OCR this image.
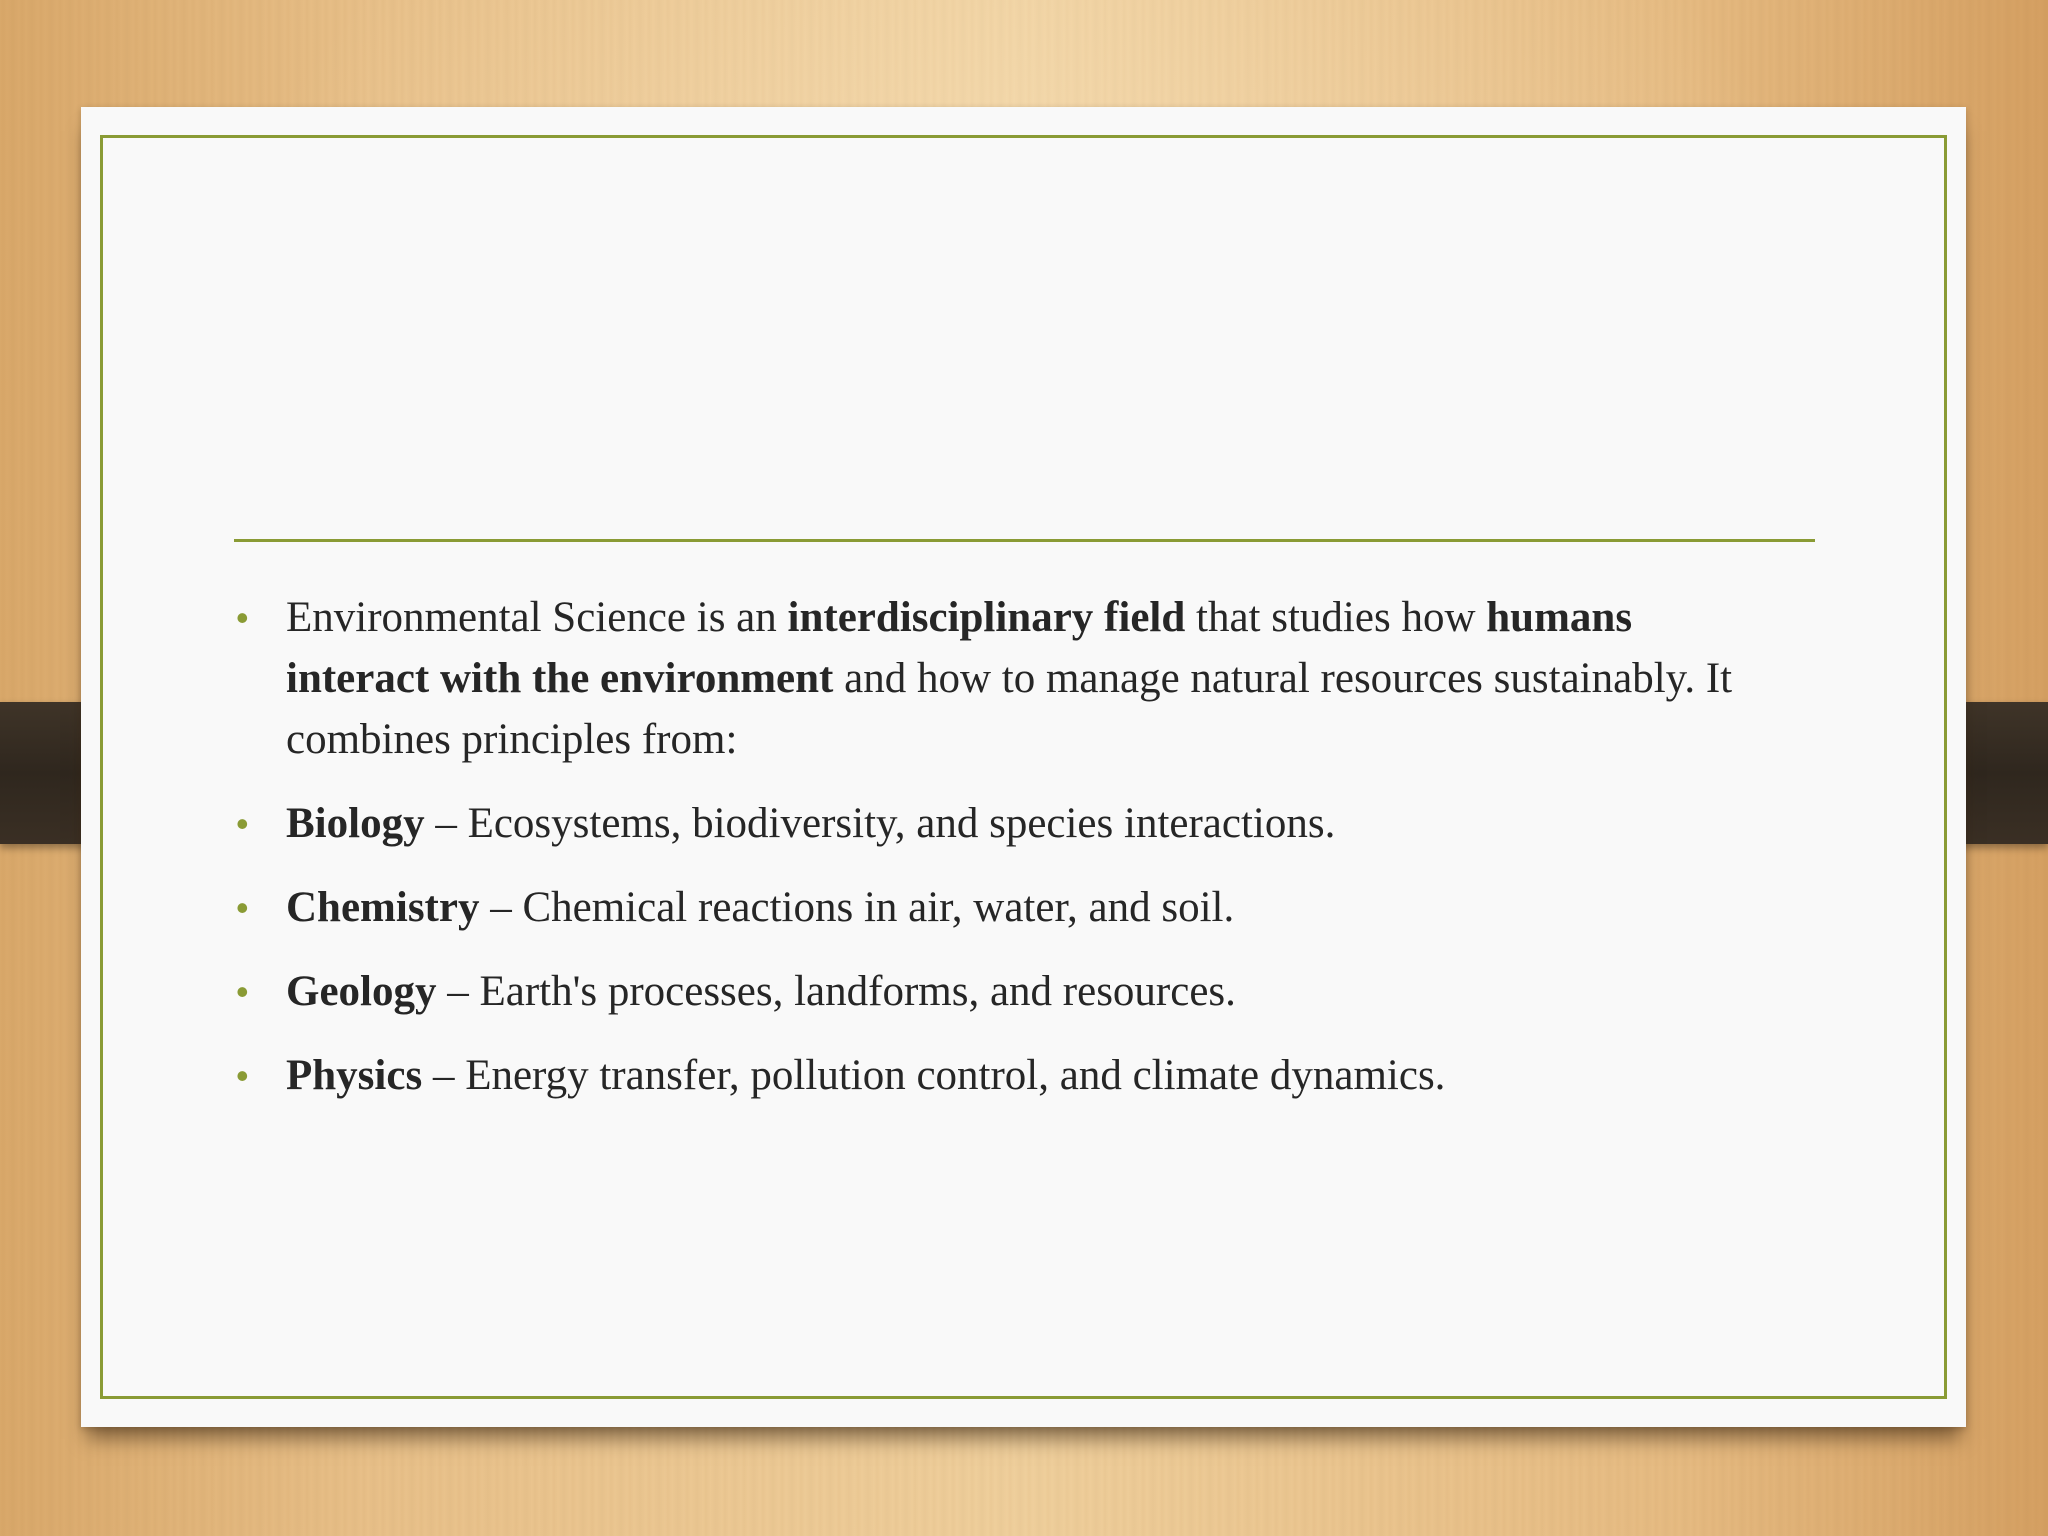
• Environmental Science is an interdisciplinary field that studies how humans interact with the environment and how to manage natural resources sustainably. It combines principles from:
• Biology – Ecosystems, biodiversity, and species interactions.
• Chemistry – Chemical reactions in air, water, and soil.
• Geology – Earth's processes, landforms, and resources.
• Physics – Energy transfer, pollution control, and climate dynamics.
